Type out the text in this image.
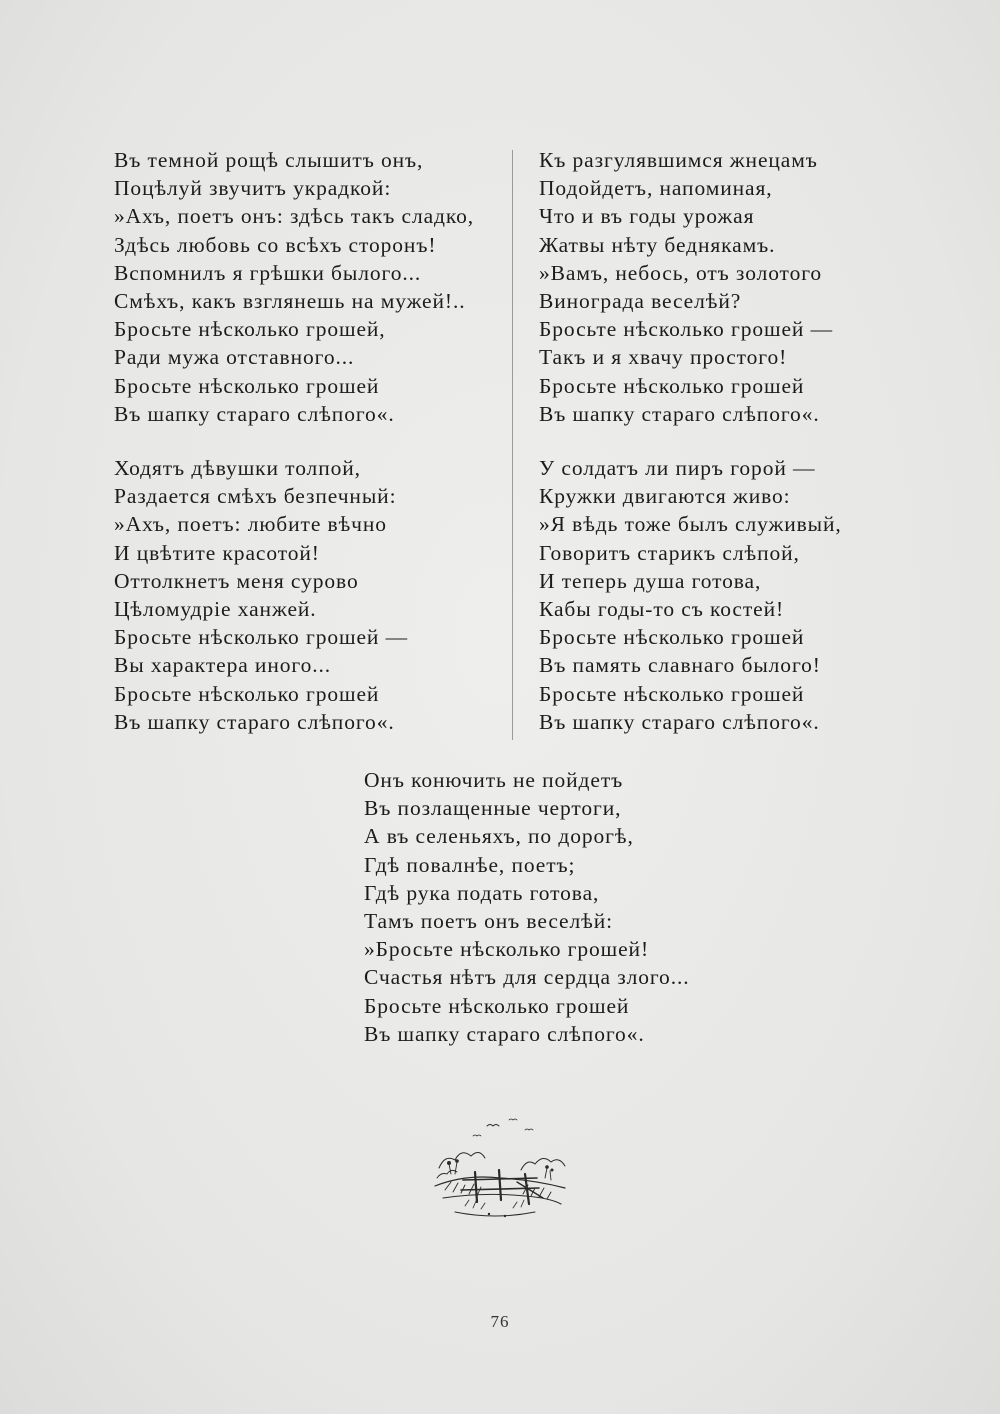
Въ темной рощѣ слышитъ онъ,
Поцѣлуй звучитъ украдкой:
»Ахъ, поетъ онъ: здѣсь такъ сладко,
Здѣсь любовь со всѣхъ сторонъ!
Вспомнилъ я грѣшки былого...
Смѣхъ, какъ взглянешь на мужей!..
Бросьте нѣсколько грошей,
Ради мужа отставного...
Бросьте нѣсколько грошей
Въ шапку стараго слѣпого«.
Ходятъ дѣвушки толпой,
Раздается смѣхъ безпечный:
»Ахъ, поетъ: любите вѣчно
И цвѣтите красотой!
Оттолкнетъ меня сурово
Цѣломудріе ханжей.
Бросьте нѣсколько грошей —
Вы характера иного...
Бросьте нѣсколько грошей
Въ шапку стараго слѣпого«.
Къ разгулявшимся жнецамъ
Подойдетъ, напоминая,
Что и въ годы урожая
Жатвы нѣту беднякамъ.
»Вамъ, небось, отъ золотого
Винограда веселѣй?
Бросьте нѣсколько грошей —
Такъ и я хвачу простого!
Бросьте нѣсколько грошей
Въ шапку стараго слѣпого«.
У солдатъ ли пиръ горой —
Кружки двигаются живо:
»Я вѣдь тоже былъ служивый,
Говоритъ старикъ слѣпой,
И теперь душа готова,
Кабы годы-то съ костей!
Бросьте нѣсколько грошей
Въ память славнаго былого!
Бросьте нѣсколько грошей
Въ шапку стараго слѣпого«.
Онъ конючить не пойдетъ
Въ позлащенные чертоги,
А въ селеньяхъ, по дорогѣ,
Гдѣ повалнѣе, поетъ;
Гдѣ рука подать готова,
Тамъ поетъ онъ веселѣй:
»Бросьте нѣсколько грошей!
Счастья нѣтъ для сердца злого...
Бросьте нѣсколько грошей
Въ шапку стараго слѣпого«.
76
